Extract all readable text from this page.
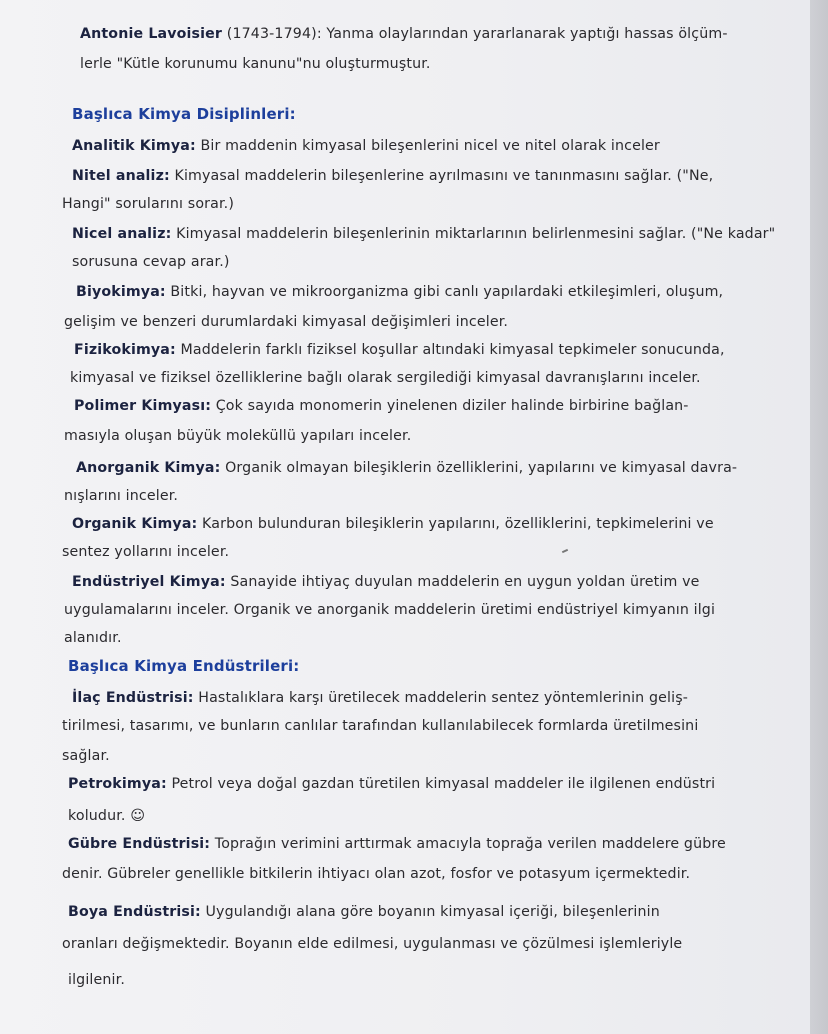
Antonie Lavoisier (1743-1794): Yanma olaylarından yararlanarak yaptığı hassas ölçüm-
lerle "Kütle korunumu kanunu"nu oluşturmuştur.
Başlıca Kimya Disiplinleri:
Analitik Kimya: Bir maddenin kimyasal bileşenlerini nicel ve nitel olarak inceler
Nitel analiz: Kimyasal maddelerin bileşenlerine ayrılmasını ve tanınmasını sağlar. ("Ne,
Hangi" sorularını sorar.)
Nicel analiz: Kimyasal maddelerin bileşenlerinin miktarlarının belirlenmesini sağlar. ("Ne kadar"
sorusuna cevap arar.)
Biyokimya: Bitki, hayvan ve mikroorganizma gibi canlı yapılardaki etkileşimleri, oluşum,
gelişim ve benzeri durumlardaki kimyasal değişimleri inceler.
Fizikokimya: Maddelerin farklı fiziksel koşullar altındaki kimyasal tepkimeler sonucunda,
kimyasal ve fiziksel özelliklerine bağlı olarak sergilediği kimyasal davranışlarını inceler.
Polimer Kimyası: Çok sayıda monomerin yinelenen diziler halinde birbirine bağlan-
masıyla oluşan büyük moleküllü yapıları inceler.
Anorganik Kimya: Organik olmayan bileşiklerin özelliklerini, yapılarını ve kimyasal davra-
nışlarını inceler.
Organik Kimya: Karbon bulunduran bileşiklerin yapılarını, özelliklerini, tepkimelerini ve
sentez yollarını inceler.
Endüstriyel Kimya: Sanayide ihtiyaç duyulan maddelerin en uygun yoldan üretim ve
uygulamalarını inceler. Organik ve anorganik maddelerin üretimi endüstriyel kimyanın ilgi
alanıdır.
Başlıca Kimya Endüstrileri:
İlaç Endüstrisi: Hastalıklara karşı üretilecek maddelerin sentez yöntemlerinin geliş-
tirilmesi, tasarımı, ve bunların canlılar tarafından kullanılabilecek formlarda üretilmesini
sağlar.
Petrokimya: Petrol veya doğal gazdan türetilen kimyasal maddeler ile ilgilenen endüstri
koludur. ☺
Gübre Endüstrisi: Toprağın verimini arttırmak amacıyla toprağa verilen maddelere gübre
denir. Gübreler genellikle bitkilerin ihtiyacı olan azot, fosfor ve potasyum içermektedir.
Boya Endüstrisi: Uygulandığı alana göre boyanın kimyasal içeriği, bileşenlerinin
oranları değişmektedir. Boyanın elde edilmesi, uygulanması ve çözülmesi işlemleriyle
ilgilenir.
